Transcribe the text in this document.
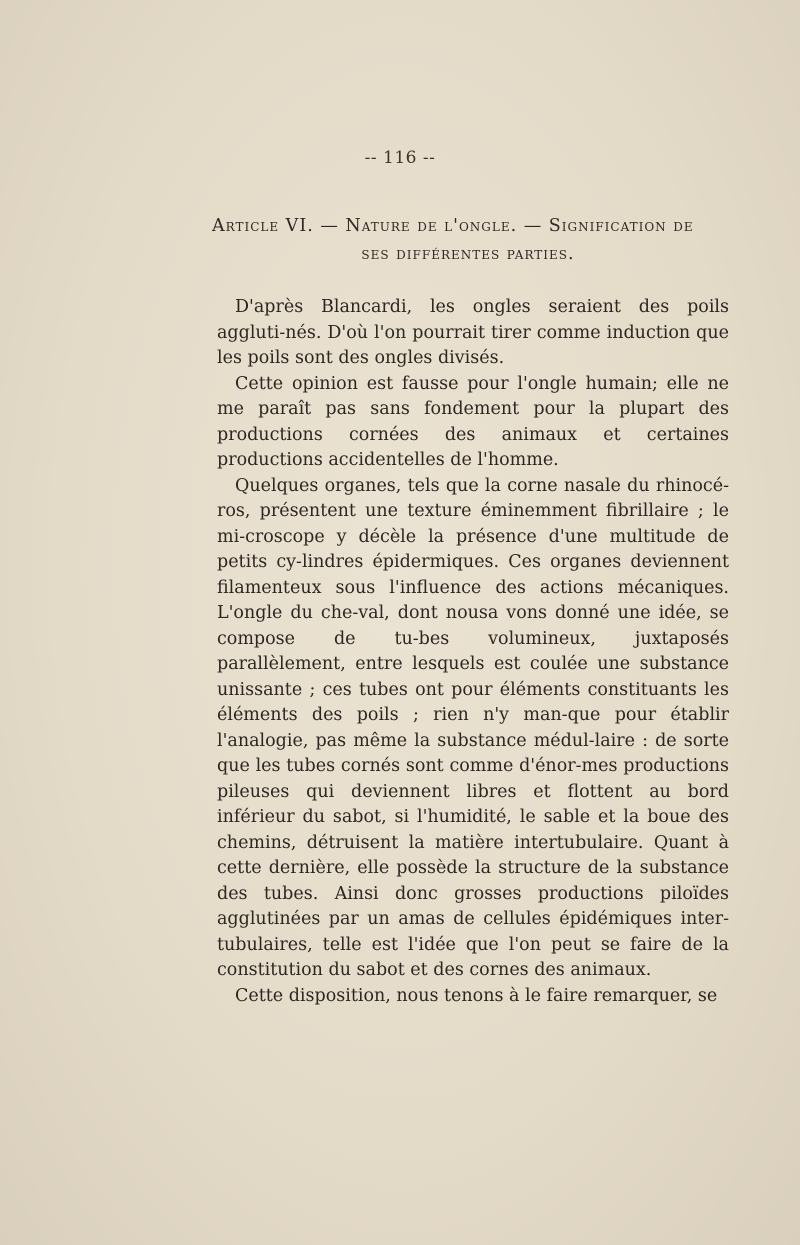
-- 116 --
Article VI. — Nature de l'ongle. — Signification de
ses différentes parties.

D'après Blancardi, les ongles seraient des poils aggluti-nés. D'où l'on pourrait tirer comme induction que les poils sont des ongles divisés.

Cette opinion est fausse pour l'ongle humain; elle ne me paraît pas sans fondement pour la plupart des productions cornées des animaux et certaines productions accidentelles de l'homme.

Quelques organes, tels que la corne nasale du rhinocé-ros, présentent une texture éminemment fibrillaire ; le mi-croscope y décèle la présence d'une multitude de petits cy-lindres épidermiques. Ces organes deviennent filamenteux sous l'influence des actions mécaniques. L'ongle du che-val, dont nousa vons donné une idée, se compose de tu-bes volumineux, juxtaposés parallèlement, entre lesquels est coulée une substance unissante ; ces tubes ont pour éléments constituants les éléments des poils ; rien n'y man-que pour établir l'analogie, pas même la substance médul-laire : de sorte que les tubes cornés sont comme d'énor-mes productions pileuses qui deviennent libres et flottent au bord inférieur du sabot, si l'humidité, le sable et la boue des chemins, détruisent la matière intertubulaire. Quant à cette dernière, elle possède la structure de la substance des tubes. Ainsi donc grosses productions piloïdes agglutinées par un amas de cellules épidémiques inter-tubulaires, telle est l'idée que l'on peut se faire de la constitution du sabot et des cornes des animaux.

Cette disposition, nous tenons à le faire remarquer, se
